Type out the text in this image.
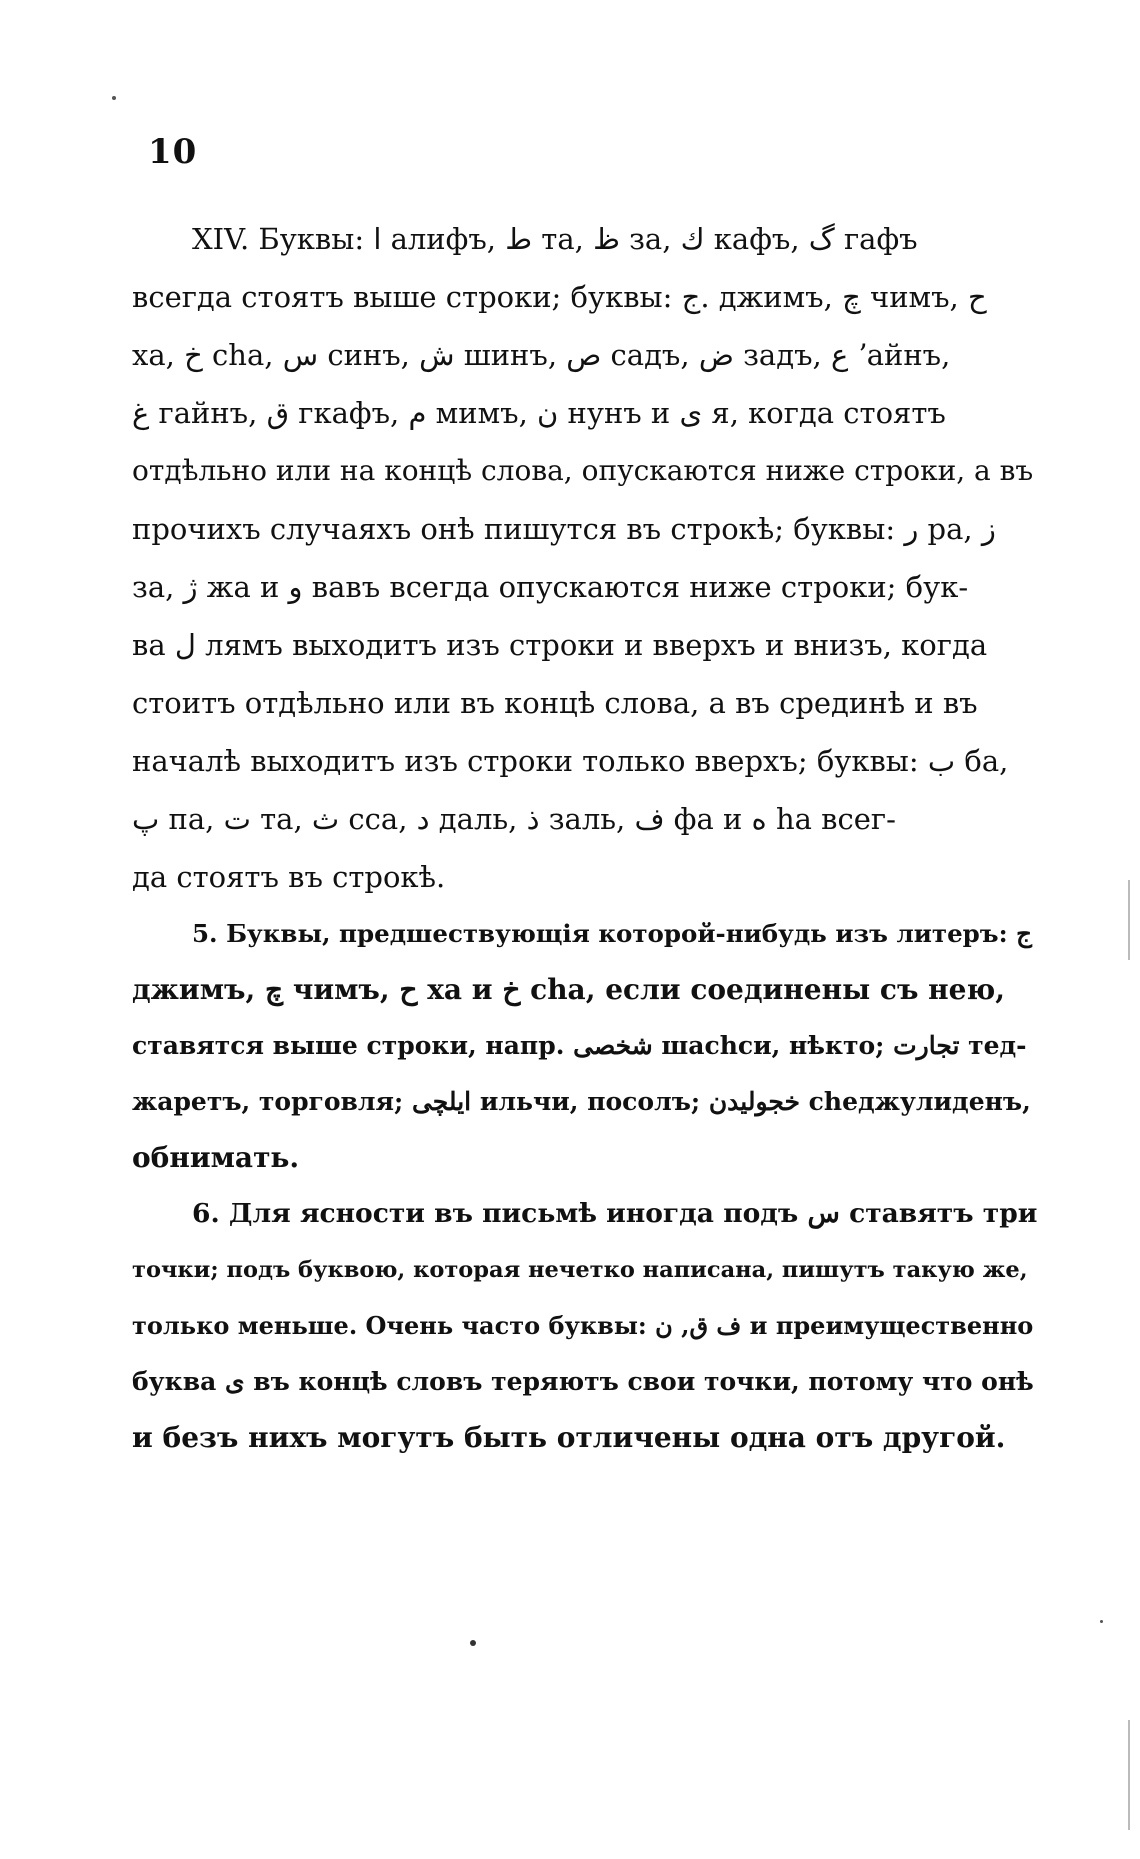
10
XIV. Буквы: ا алифъ, ط та, ظ за, ك кафъ, گ гафъ
всегда стоятъ выше строки; буквы: ج. джимъ, چ чимъ, ح
ха, خ сhа, س синъ, ش шинъ, ص садъ, ض задъ, ع ʼайнъ,
غ гайнъ, ق гкафъ, م мимъ, ن нунъ и ى я, когда стоятъ
отдѣльно или на концѣ слова, опускаются ниже строки, а въ
прочихъ случаяхъ онѣ пишутся въ строкѣ; буквы: ر ра, ز
за, ژ жа и و вавъ всегда опускаются ниже строки; бук-
ва ل лямъ выходитъ изъ строки и вверхъ и внизъ, когда
стоитъ отдѣльно или въ концѣ слова, а въ срединѣ и въ
началѣ выходитъ изъ строки только вверхъ; буквы: ب ба,
پ па, ت та, ث сса, د даль, ذ заль, ف фа и ه hа всег-
да стоятъ въ строкѣ.
5. Буквы, предшествующія которой-нибудь изъ литеръ: ج
джимъ, چ чимъ, ح ха и خ сhа, если соединены съ нею,
ставятся выше строки, напр. شخصى шасhси, нѣкто; تجارت тед-
жаретъ, торговля; ايلچى ильчи, посолъ; خجوليدن сhеджулиденъ,
обнимать.
6. Для ясности въ письмѣ иногда подъ س ставятъ три
точки; подъ буквою, которая нечетко написана, пишутъ такую же,
только меньше. Очень часто буквы: ف ق, ن и преимущественно
буква ى въ концѣ словъ теряютъ свои точки, потому что онѣ
и безъ нихъ могутъ быть отличены одна отъ другой.
